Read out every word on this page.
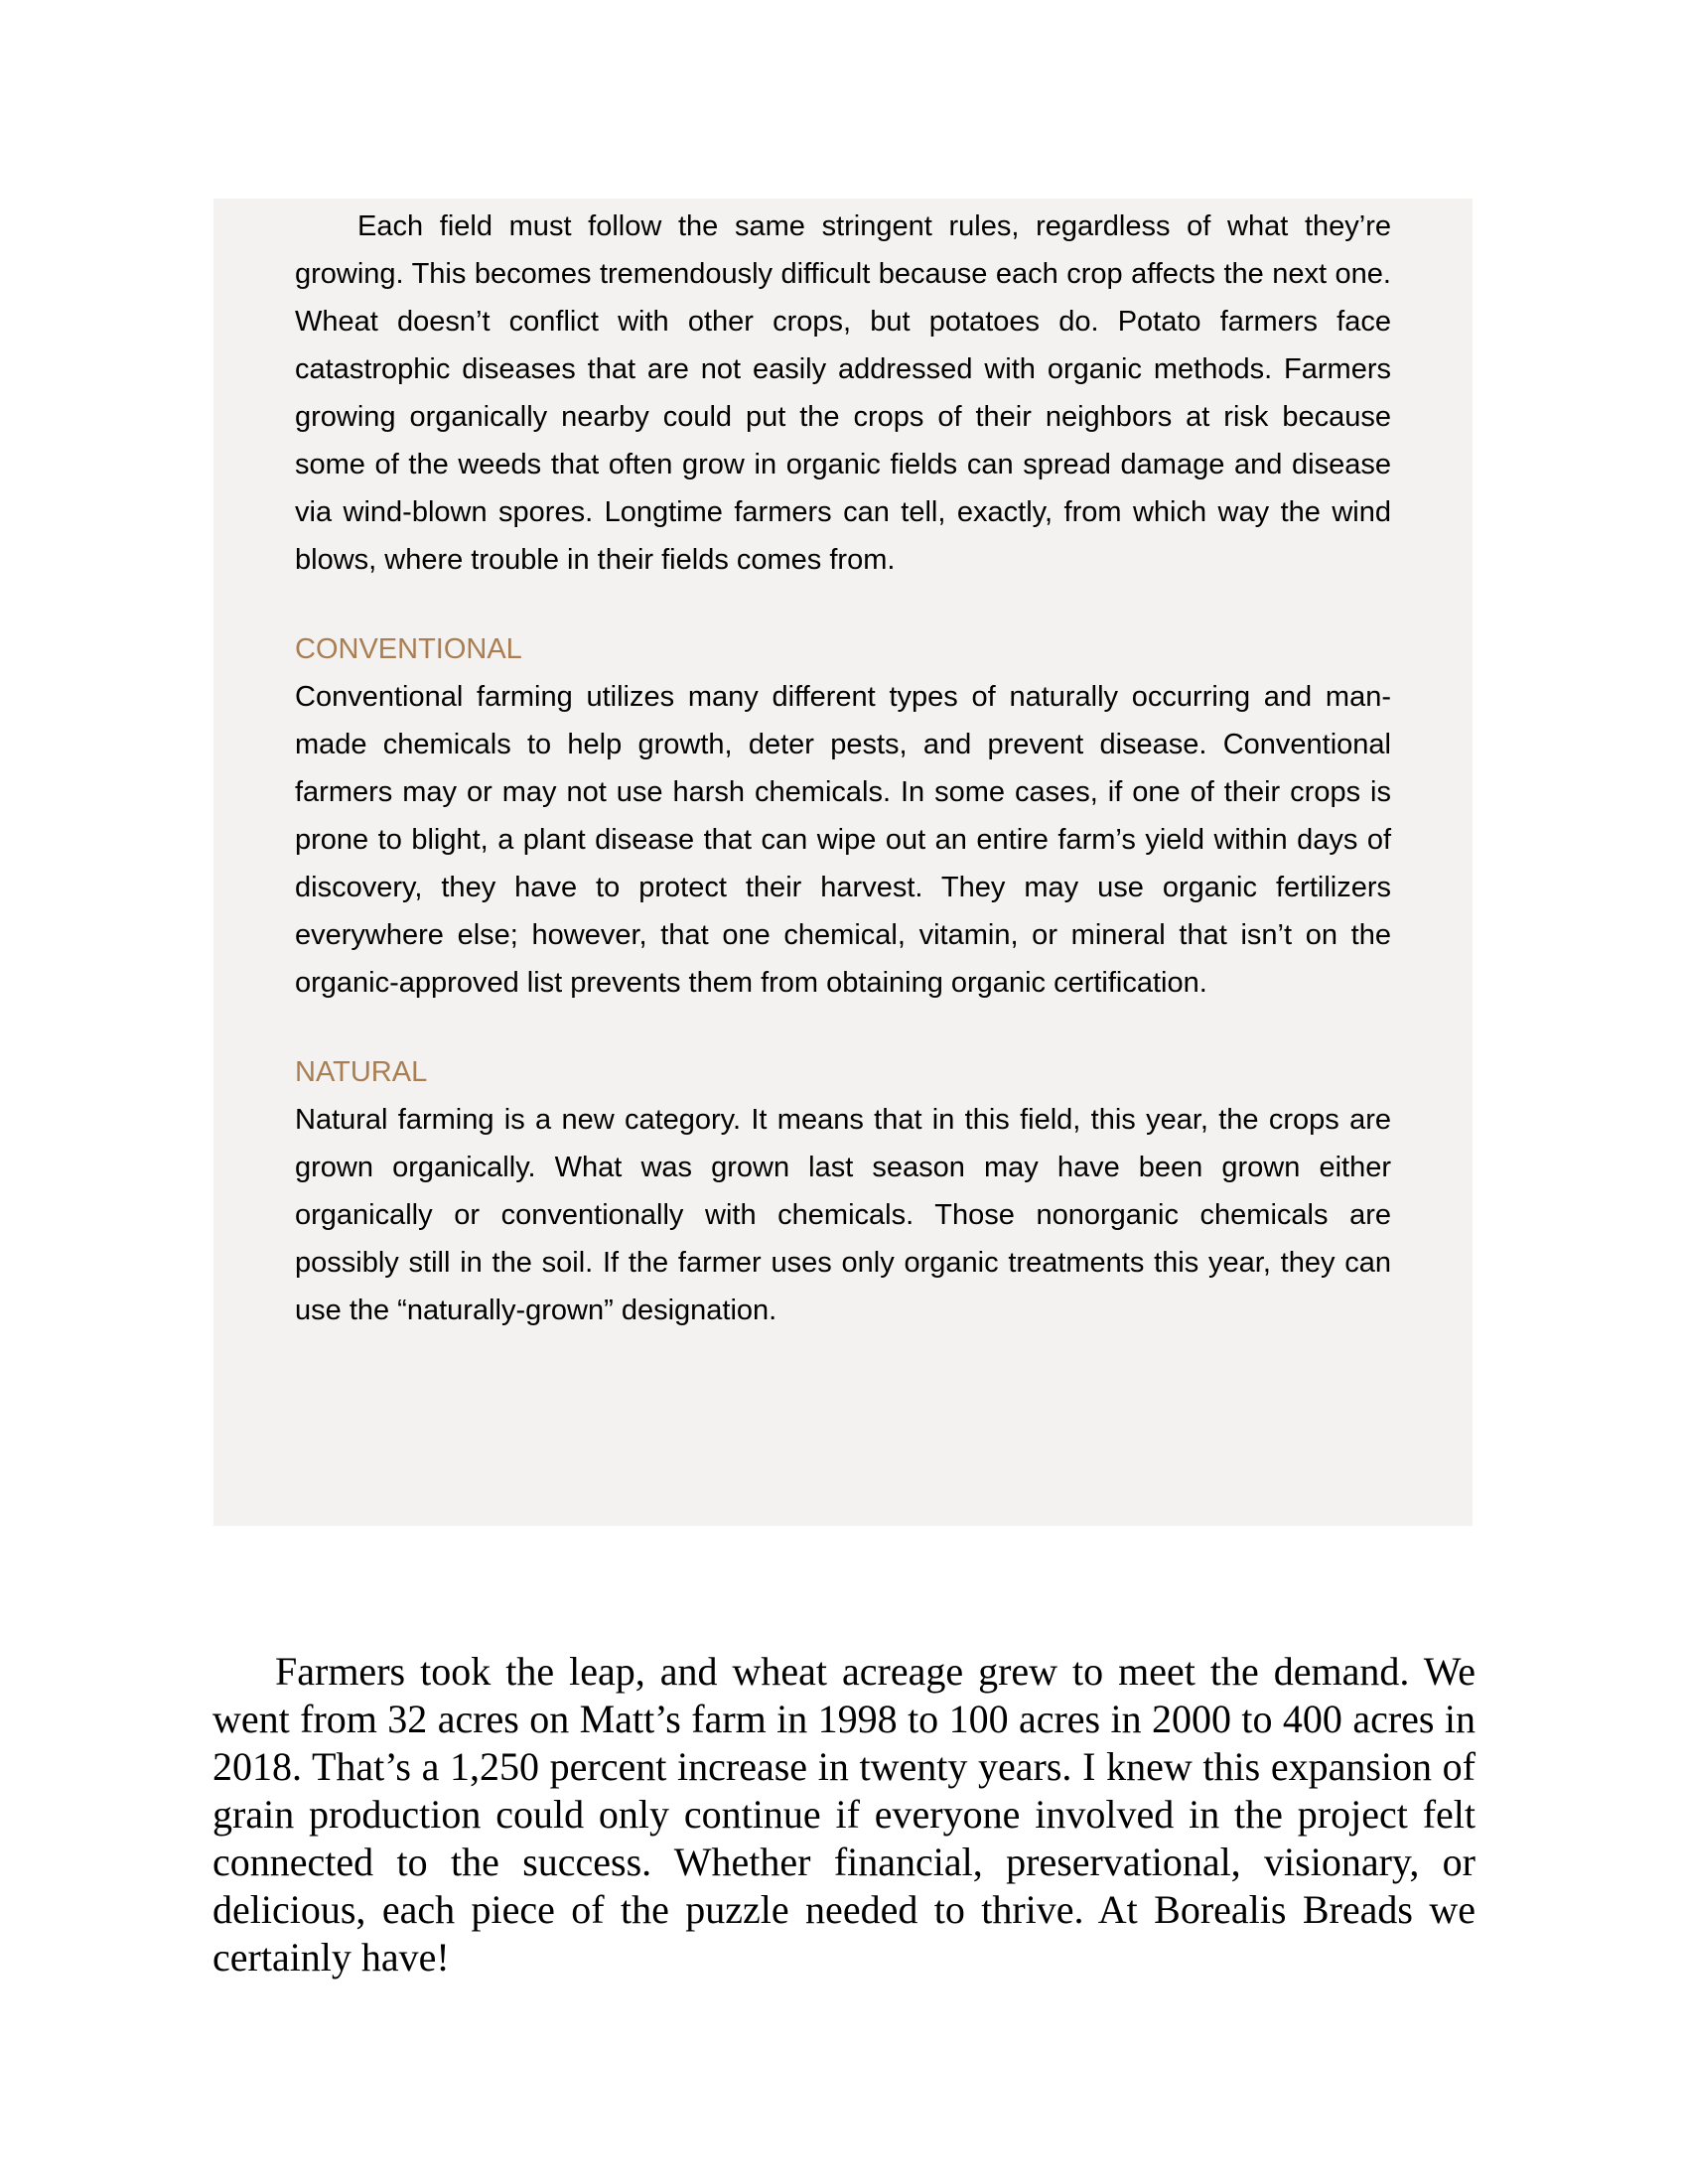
Each field must follow the same stringent rules, regardless of what they’re growing. This becomes tremendously difficult because each crop affects the next one. Wheat doesn’t conflict with other crops, but potatoes do. Potato farmers face catastrophic diseases that are not easily addressed with organic methods. Farmers growing organically nearby could put the crops of their neighbors at risk because some of the weeds that often grow in organic fields can spread damage and disease via wind-blown spores. Longtime farmers can tell, exactly, from which way the wind blows, where trouble in their fields comes from.

CONVENTIONAL

Conventional farming utilizes many different types of naturally occurring and man-made chemicals to help growth, deter pests, and prevent disease. Conventional farmers may or may not use harsh chemicals. In some cases, if one of their crops is prone to blight, a plant disease that can wipe out an entire farm’s yield within days of discovery, they have to protect their harvest. They may use organic fertilizers everywhere else; however, that one chemical, vitamin, or mineral that isn’t on the organic-approved list prevents them from obtaining organic certification.

NATURAL

Natural farming is a new category. It means that in this field, this year, the crops are grown organically. What was grown last season may have been grown either organically or conventionally with chemicals. Those nonorganic chemicals are possibly still in the soil. If the farmer uses only organic treatments this year, they can use the “naturally-grown” designation.

Farmers took the leap, and wheat acreage grew to meet the demand. We went from 32 acres on Matt’s farm in 1998 to 100 acres in 2000 to 400 acres in 2018. That’s a 1,250 percent increase in twenty years. I knew this expansion of grain production could only continue if everyone involved in the project felt connected to the success. Whether financial, preservational, visionary, or delicious, each piece of the puzzle needed to thrive. At Borealis Breads we certainly have!
